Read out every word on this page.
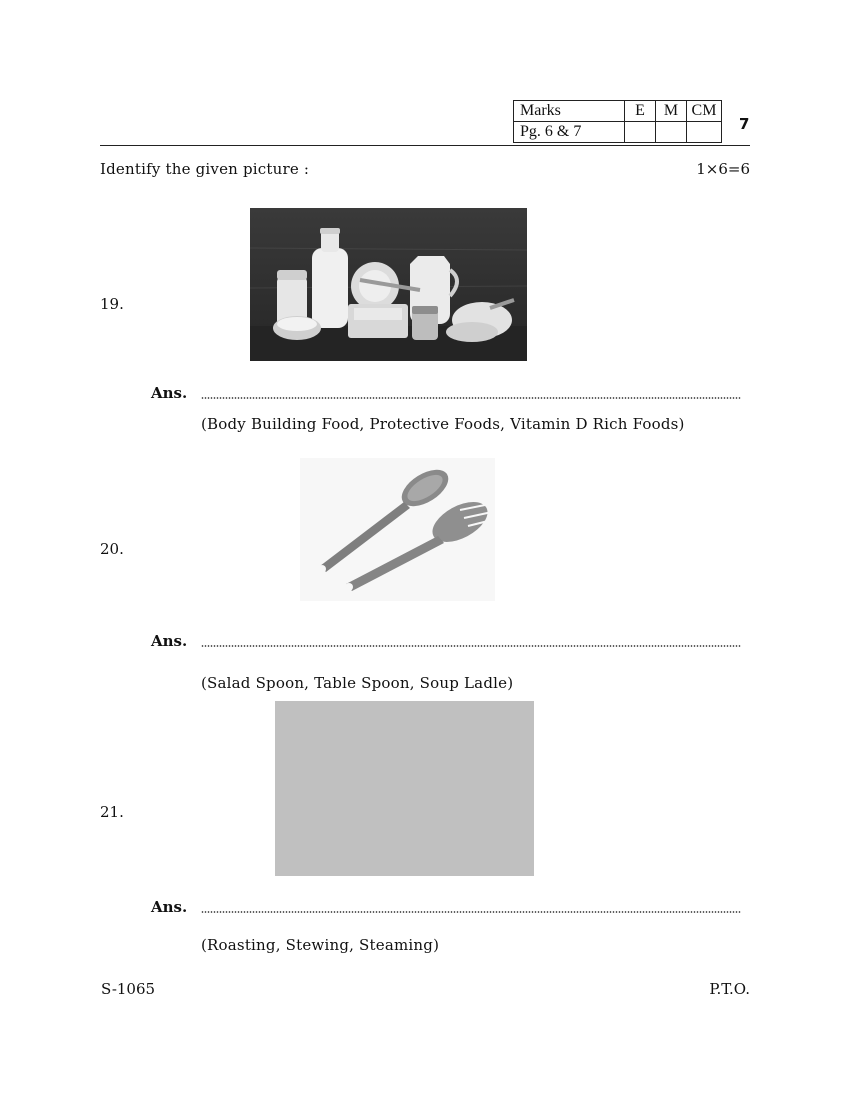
Marks	E	M	CM
Pg. 6 & 7				7
Identify the given picture :	1×6=6
19.
Ans.
(Body Building Food, Protective Foods, Vitamin D Rich Foods)
20.
Ans.
(Salad Spoon, Table Spoon, Soup Ladle)
21.
Ans.
(Roasting, Stewing, Steaming)
S-1065	P.T.O.
